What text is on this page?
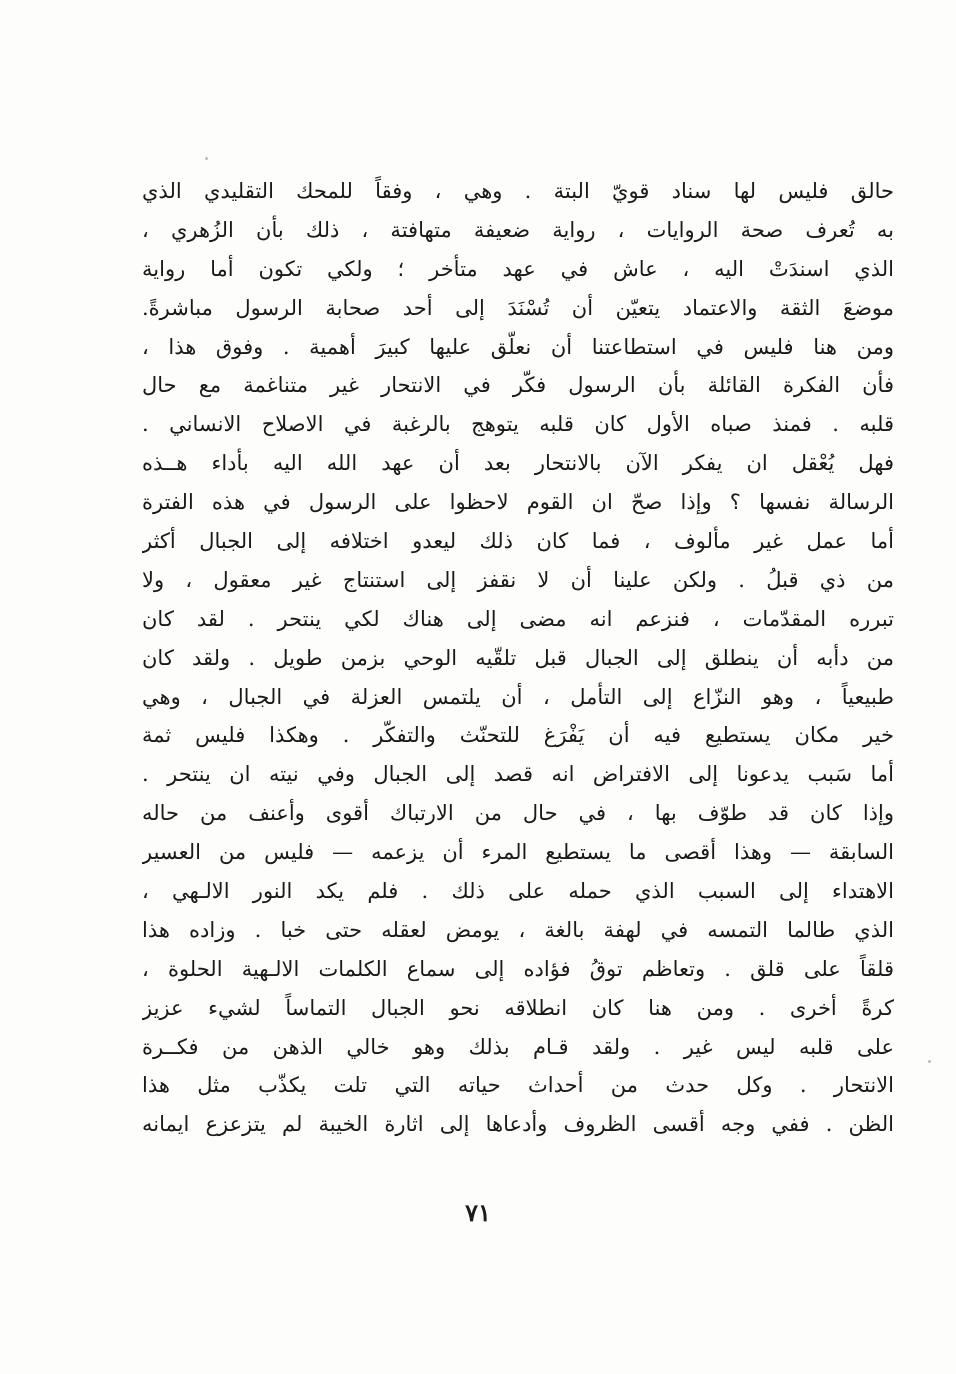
حالق فليس لها سناد قويّ البتة . وهي ، وفقاً للمحك التقليدي الذي
به تُعرف صحة الروايات ، رواية ضعيفة متهافتة ، ذلك بأن الزُهري ،
الذي اسندَتْ اليه ، عاش في عهد متأخر ؛ ولكي تكون أما رواية
موضعَ الثقة والاعتماد يتعيّن أن تُسْنَدَ إلى أحد صحابة الرسول مباشرةً.
ومن هنا فليس في استطاعتنا أن نعلّق عليها كبيرَ أهمية . وفوق هذا ،
فأن الفكرة القائلة بأن الرسول فكّر في الانتحار غير متناغمة مع حال
قلبه . فمنذ صباه الأول كان قلبه يتوهج بالرغبة في الاصلاح الانساني .
فهل يُعْقل ان يفكر الآن بالانتحار بعد أن عهد الله اليه بأداء هــذه
الرسالة نفسها ؟ وإذا صحّ ان القوم لاحظوا على الرسول في هذه الفترة
أما عمل غير مألوف ، فما كان ذلك ليعدو اختلافه إلى الجبال أكثر
من ذي قبلُ . ولكن علينا أن لا نقفز إلى استنتاج غير معقول ، ولا
تبرره المقدّمات ، فنزعم انه مضى إلى هناك لكي ينتحر . لقد كان
من دأبه أن ينطلق إلى الجبال قبل تلقّيه الوحي بزمن طويل . ولقد كان
طبيعياً ، وهو النزّاع إلى التأمل ، أن يلتمس العزلة في الجبال ، وهي
خير مكان يستطيع فيه أن يَفْرَغ للتحنّث والتفكّر . وهكذا فليس ثمة
أما سَبب يدعونا إلى الافتراض انه قصد إلى الجبال وفي نيته ان ينتحر .
وإذا كان قد طوّف بها ، في حال من الارتباك أقوى وأعنف من حاله
السابقة — وهذا أقصى ما يستطيع المرء أن يزعمه — فليس من العسير
الاهتداء إلى السبب الذي حمله على ذلك . فلم يكد النور الالـهي ،
الذي طالما التمسه في لهفة بالغة ، يومض لعقله حتى خبا . وزاده هذا
قلقاً على قلق . وتعاظم توقُ فؤاده إلى سماع الكلمات الالـهية الحلوة ،
كرةً أخرى . ومن هنا كان انطلاقه نحو الجبال التماساً لشيء عزيز
على قلبه ليس غير . ولقد قـام بذلك وهو خالي الذهن من فكــرة
الانتحار . وكل حدث من أحداث حياته التي تلت يكذّب مثل هذا
الظن . ففي وجه أقسى الظروف وأدعاها إلى اثارة الخيبة لم يتزعزع ايمانه
٧١
